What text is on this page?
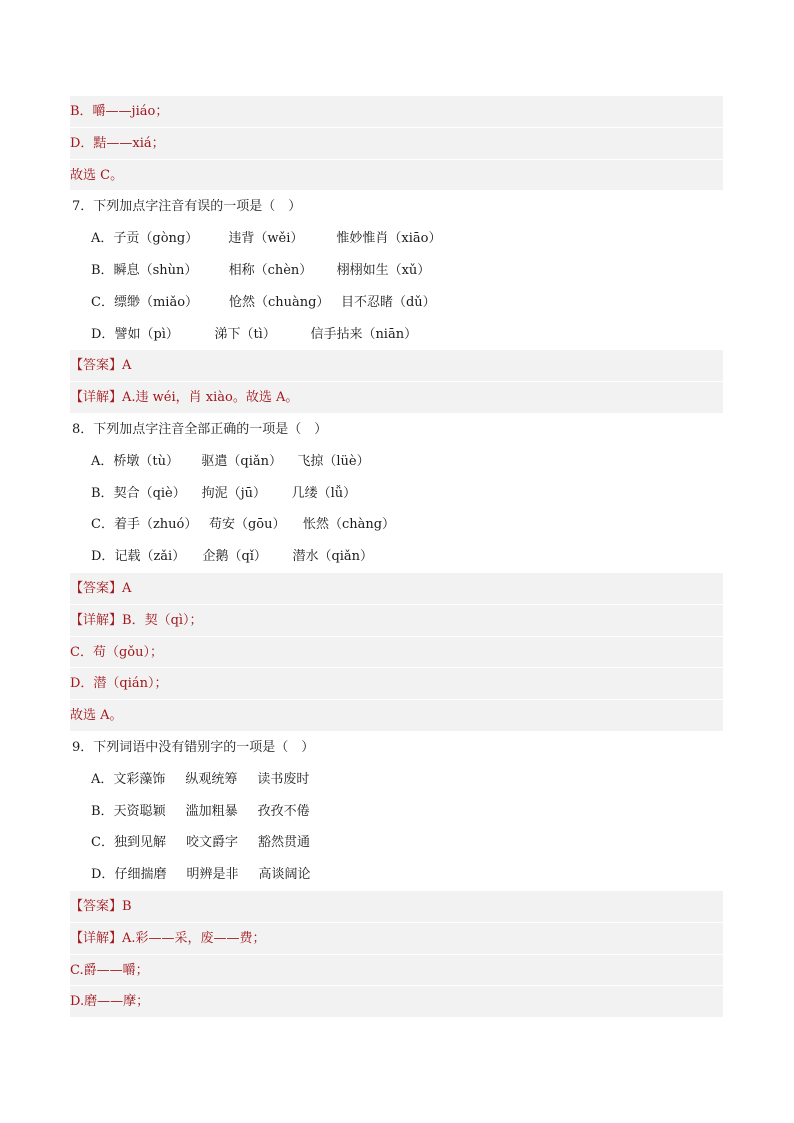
B．嚼——jiáo；
D．黠——xiá；
故选 C。
7．下列加点字注音有误的一项是（　）
A．子贡（gòng） 违背（wěi）	惟妙惟肖（xiāo）
B．瞬息（shùn） 相称（chèn） 栩栩如生（xǔ）
C．缥缈（miǎo） 怆然（chuàng） 目不忍睹（dǔ）
D．譬如（pì）	涕下（tì）	信手拈来（niān）
【答案】A
【详解】A.违 wéi，肖 xiào。故选 A。
8．下列加点字注音全部正确的一项是（　）
A．桥墩（tù） 驱遣（qiǎn） 飞掠（lüè）
B．契合（qiè） 拘泥（jū） 几缕（lǚ）
C．着手（zhuó） 苟安（gōu） 怅然（chàng）
D．记载（zǎi） 企鹅（qǐ） 潜水（qiǎn）
【答案】A
【详解】B．契（qì）；
C．苟（gǒu）；
D．潜（qián）；
故选 A。
9．下列词语中没有错别字的一项是（　）
A．文彩藻饰 纵观统筹 读书废时
B．天资聪颖 滥加粗暴 孜孜不倦
C．独到见解 咬文爵字 豁然贯通
D．仔细揣磨 明辨是非 高谈阔论
【答案】B
【详解】A.彩——采，废——费；
C.爵——嚼；
D.磨——摩；
